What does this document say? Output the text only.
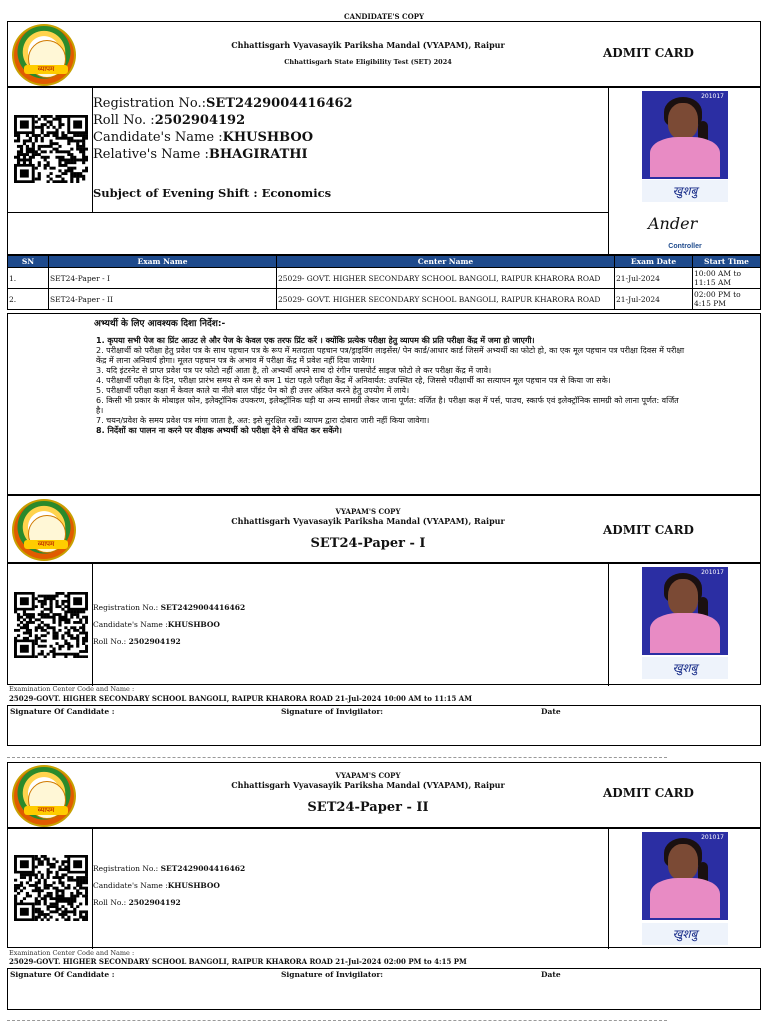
CANDIDATE'S COPY
व्यापम
Chhattisgarh Vyavasayik Pariksha Mandal (VYAPAM), Raipur
Chhattisgarh State Eligibility Test (SET) 2024
ADMIT CARD
Registration No.:SET2429004416462
Roll No. :2502904192
Candidate's Name :KHUSHBOO
Relative's Name :BHAGIRATHI
Subject of Evening Shift : Economics
201017
खुशबु
Ander
Controller
SN	Exam Name	Center Name	Exam Date	Start Time
1.	SET24-Paper - I	25029- GOVT. HIGHER SECONDARY SCHOOL BANGOLI, RAIPUR KHARORA ROAD	21-Jul-2024	10:00 AM to 11:15 AM
2.	SET24-Paper - II	25029- GOVT. HIGHER SECONDARY SCHOOL BANGOLI, RAIPUR KHARORA ROAD	21-Jul-2024	02:00 PM to 4:15 PM
अभ्यर्थी के लिए आवश्यक दिशा निर्देश:-
1. कृपया सभी पेज का प्रिंट आउट ले और पेज के केवल एक तरफ प्रिंट करें । क्योंकि प्रत्येक परीक्षा हेतु व्यापम की प्रति परीक्षा केंद्र में जमा हो जाएगी।
2. परीक्षार्थी को परीक्षा हेतु प्रवेश पत्र के साथ पहचान पत्र के रूप में मतदाता पहचान पत्र/ड्राइविंग लाइसेंस/ पेन कार्ड/आधार कार्ड जिसमें अभ्यर्थी का फोटो हो, का एक मूल पहचान पत्र परीक्षा दिवस में परीक्षा केंद्र में लाना अनिवार्य होगा। मूलत पहचान पत्र के अभाव में परीक्षा केंद्र में प्रवेश नहीं दिया जायेगा।
3. यदि इंटरनेट से प्राप्त प्रवेश पत्र पर फोटो नहीं आता है, तो अभ्यर्थी अपने साथ दो रंगीन पासपोर्ट साइज फोटो ले कर परीक्षा केंद्र में जावे।
4. परीक्षार्थी परीक्षा के दिन, परीक्षा प्रारंभ समय से कम से कम 1 घंटा पहले परीक्षा केंद्र में अनिवार्यत: उपस्थित रहे, जिससे परीक्षार्थी का सत्यापन मूल पहचान पत्र से किया जा सके।
5. परीक्षार्थी परीक्षा कक्षा में केवल काले या नीले बाल पॉइंट पेन को ही उत्तर अंकित करने हेतु उपयोग में लाये।
6. किसी भी प्रकार के मोबाइल फोन, इलेक्ट्रॉनिक उपकरण, इलेक्ट्रॉनिक घड़ी या अन्य सामग्री लेकर जाना पूर्णत: वर्जित है। परीक्षा कक्ष में पर्स, पाउच, स्कार्फ एवं इलेक्ट्रॉनिक सामग्री को लाना पूर्णत: वर्जित है।
7. चयन/प्रवेश के समय प्रवेश पत्र मांगा जाता है, अत: इसे सुरक्षित रखें। व्यापम द्वारा दोबारा जारी नहीं किया जावेगा।
8. निर्देशों का पालन ना करने पर वीक्षक अभ्यर्थी को परीक्षा देने से वंचित कर सकेंगे।
व्यापम
VYAPAM'S COPY
Chhattisgarh Vyavasayik Pariksha Mandal (VYAPAM), Raipur
SET24-Paper - I
ADMIT CARD
Registration No.: SET2429004416462
Candidate's Name :KHUSHBOO
Roll No.: 2502904192
201017
खुशबु
Examination Center Code and Name :
25029-GOVT. HIGHER SECONDARY SCHOOL BANGOLI, RAIPUR KHARORA ROAD 21-Jul-2024 10:00 AM to 11:15 AM
Signature Of Candidate :	Signature of Invigilator:	Date
व्यापम
VYAPAM'S COPY
Chhattisgarh Vyavasayik Pariksha Mandal (VYAPAM), Raipur
SET24-Paper - II
ADMIT CARD
Registration No.: SET2429004416462
Candidate's Name :KHUSHBOO
Roll No.: 2502904192
201017
खुशबु
Examination Center Code and Name :
25029-GOVT. HIGHER SECONDARY SCHOOL BANGOLI, RAIPUR KHARORA ROAD 21-Jul-2024 02:00 PM to 4:15 PM
Signature Of Candidate :	Signature of Invigilator:	Date
